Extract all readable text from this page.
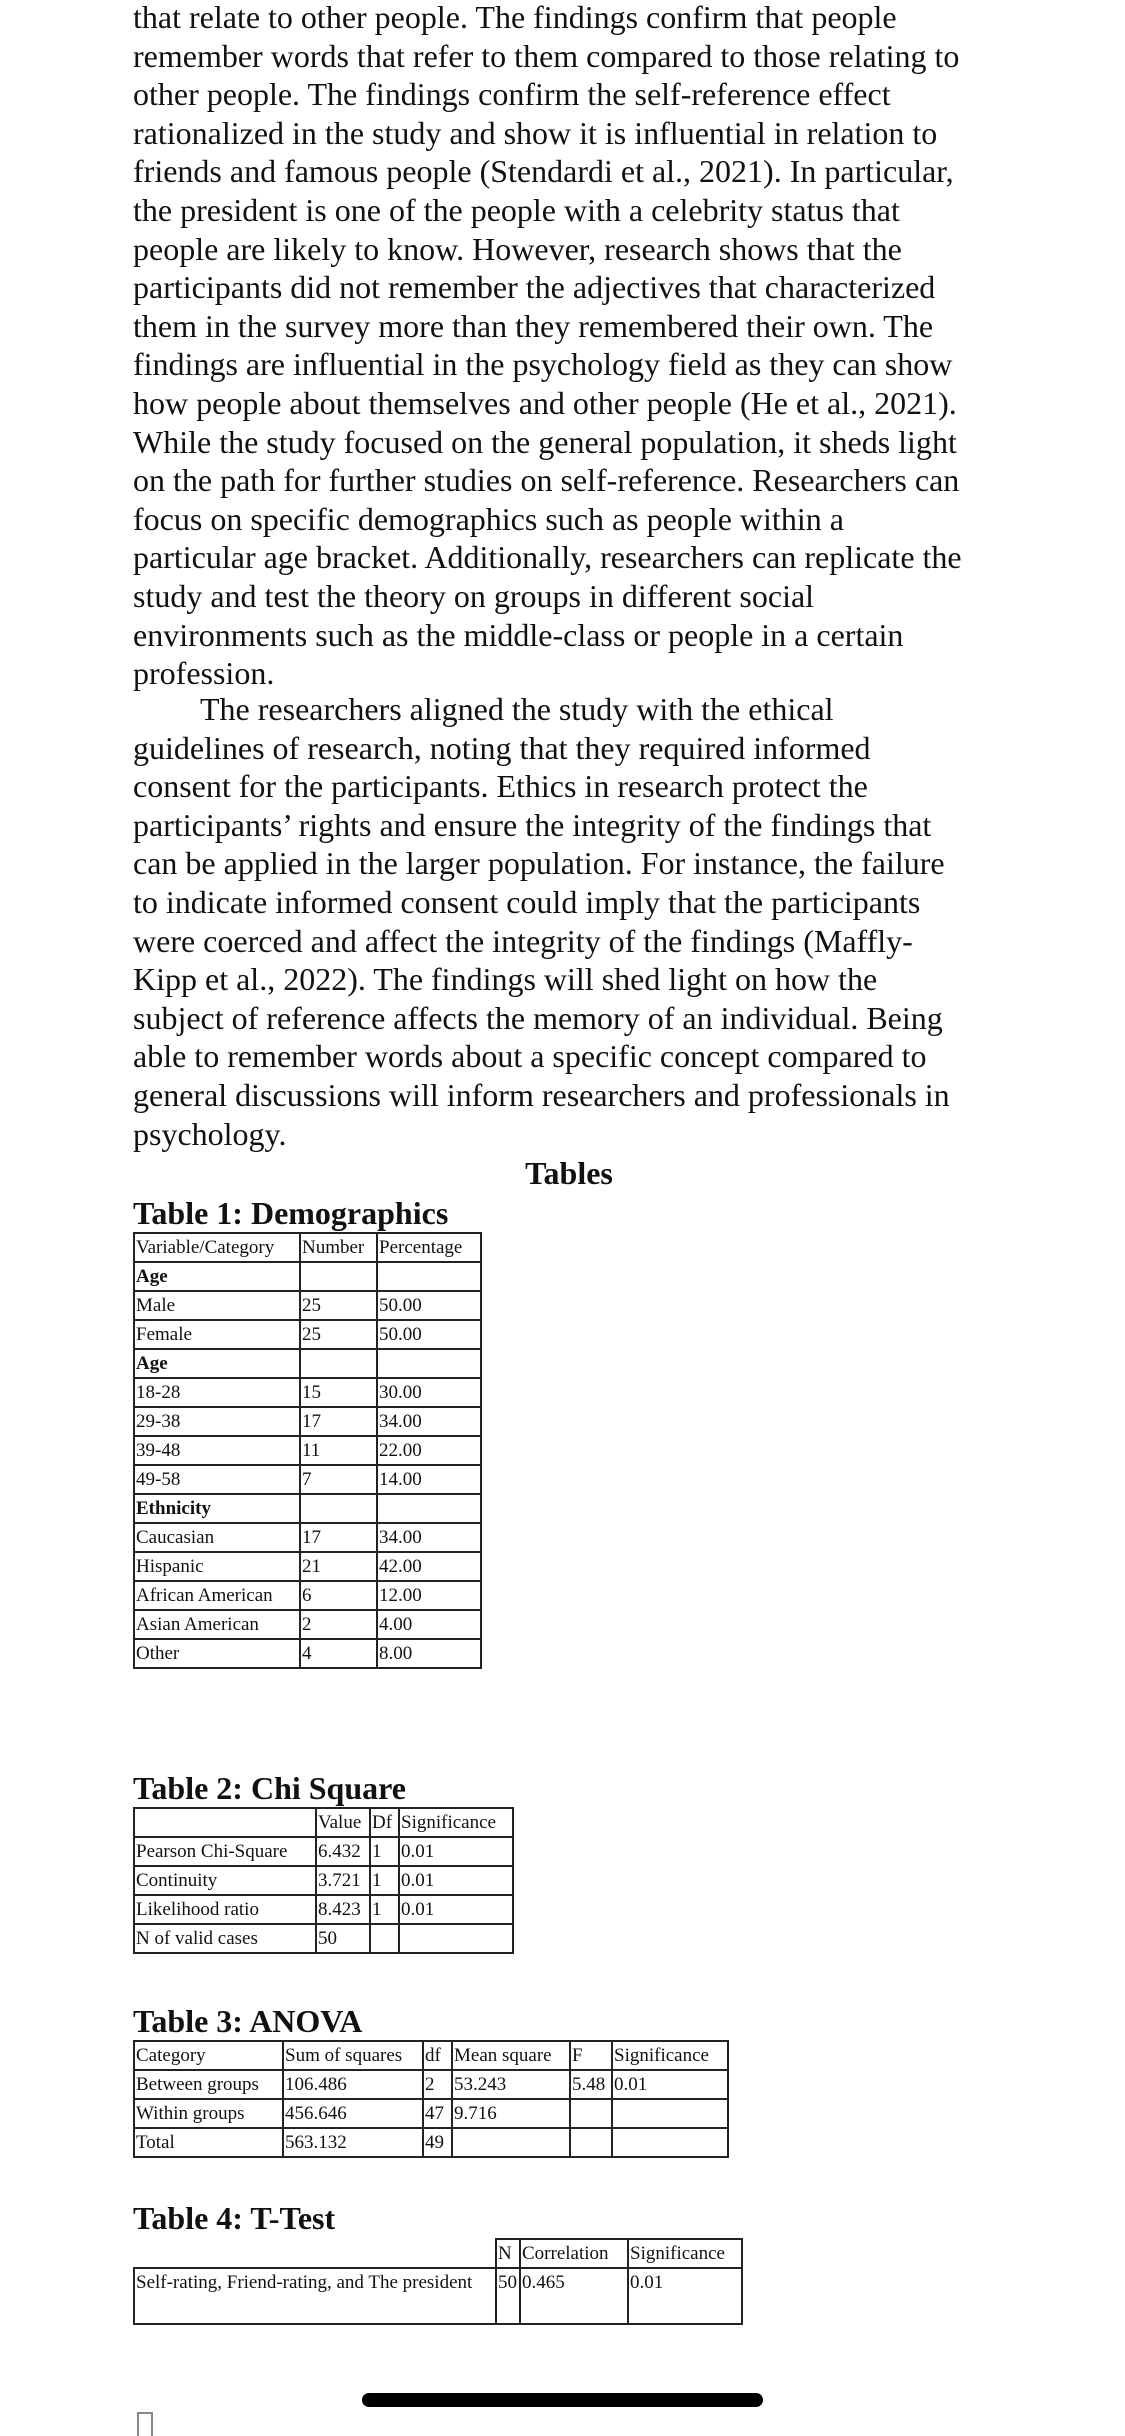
that relate to other people. The findings confirm that people
remember words that refer to them compared to those relating to
other people. The findings confirm the self-reference effect
rationalized in the study and show it is influential in relation to
friends and famous people (Stendardi et al., 2021). In particular,
the president is one of the people with a celebrity status that
people are likely to know. However, research shows that the
participants did not remember the adjectives that characterized
them in the survey more than they remembered their own. The
findings are influential in the psychology field as they can show
how people about themselves and other people (He et al., 2021).
While the study focused on the general population, it sheds light
on the path for further studies on self-reference. Researchers can
focus on specific demographics such as people within a
particular age bracket. Additionally, researchers can replicate the
study and test the theory on groups in different social
environments such as the middle-class or people in a certain
profession.

The researchers aligned the study with the ethical
guidelines of research, noting that they required informed
consent for the participants. Ethics in research protect the
participants’ rights and ensure the integrity of the findings that
can be applied in the larger population. For instance, the failure
to indicate informed consent could imply that the participants
were coerced and affect the integrity of the findings (Maffly-
Kipp et al., 2022). The findings will shed light on how the
subject of reference affects the memory of an individual. Being
able to remember words about a specific concept compared to
general discussions will inform researchers and professionals in
psychology.

Tables
Table 1: Demographics
Variable/Category	Number	Percentage
Age		
Male	25	50.00
Female	25	50.00
Age		
18-28	15	30.00
29-38	17	34.00
39-48	11	22.00
49-58	7	14.00
Ethnicity		
Caucasian	17	34.00
Hispanic	21	42.00
African American	6	12.00
Asian American	2	4.00
Other	4	8.00
Table 2: Chi Square
	Value	Df	Significance
Pearson Chi-Square	6.432	1	0.01
Continuity	3.721	1	0.01
Likelihood ratio	8.423	1	0.01
N of valid cases	50		
Table 3: ANOVA
Category	Sum of squares	df	Mean square	F	Significance
Between groups	106.486	2	53.243	5.48	0.01
Within groups	456.646	47	9.716		
Total	563.132	49			
Table 4: T-Test
	N	Correlation	Significance
Self-rating, Friend-rating, and The president	50	0.465	0.01
